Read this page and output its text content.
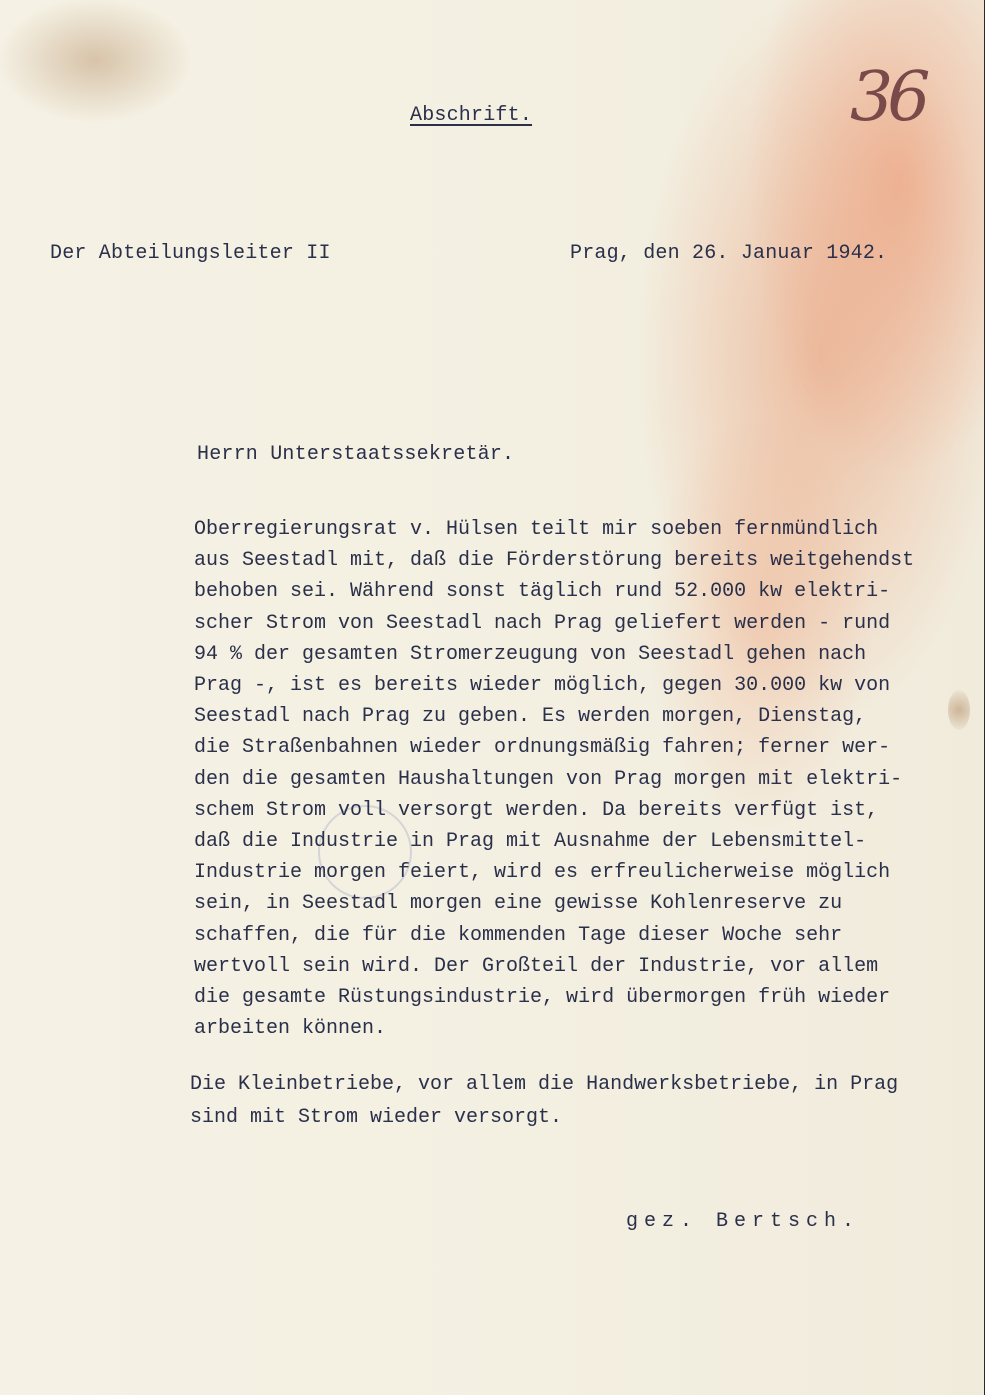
36
Abschrift.
Der Abteilungsleiter II	Prag, den 26. Januar 1942.
Herrn Unterstaatssekretär.
Oberregierungsrat v. Hülsen teilt mir soeben fernmündlich
aus Seestadl mit, daß die Förderstörung bereits weitgehendst
behoben sei. Während sonst täglich rund 52.000 kw elektri-
scher Strom von Seestadl nach Prag geliefert werden - rund
94 % der gesamten Stromerzeugung von Seestadl gehen nach
Prag -, ist es bereits wieder möglich, gegen 30.000 kw von
Seestadl nach Prag zu geben. Es werden morgen, Dienstag,
die Straßenbahnen wieder ordnungsmäßig fahren; ferner wer-
den die gesamten Haushaltungen von Prag morgen mit elektri-
schem Strom voll versorgt werden. Da bereits verfügt ist,
daß die Industrie in Prag mit Ausnahme der Lebensmittel-
Industrie morgen feiert, wird es erfreulicherweise möglich
sein, in Seestadl morgen eine gewisse Kohlenreserve zu
schaffen, die für die kommenden Tage dieser Woche sehr
wertvoll sein wird. Der Großteil der Industrie, vor allem
die gesamte Rüstungsindustrie, wird übermorgen früh wieder
arbeiten können.
Die Kleinbetriebe, vor allem die Handwerksbetriebe, in Prag
sind mit Strom wieder versorgt.
gez. Bertsch.
